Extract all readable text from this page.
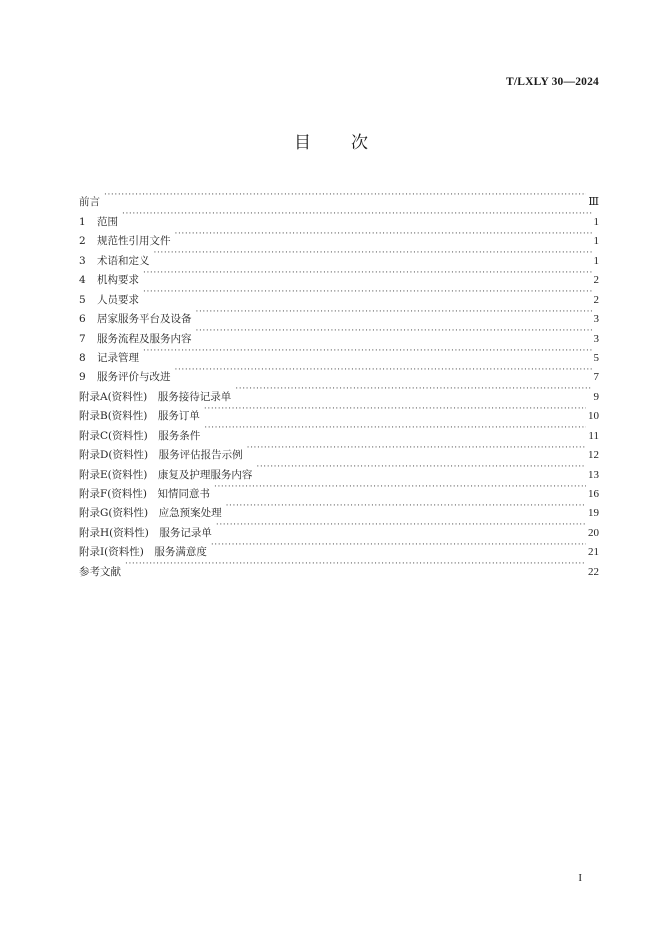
T/LXLY 30—2024
目 次
前言 ·····	Ⅲ
1 范围 ·····	1
2 规范性引用文件 ·····	1
3 术语和定义 ·····	1
4 机构要求 ·····	2
5 人员要求 ·····	2
6 居家服务平台及设备 ·····	3
7 服务流程及服务内容 ·····	3
8 记录管理 ·····	5
9 服务评价与改进 ·····	7
附录A(资料性)　服务接待记录单 ·····	9
附录B(资料性)　服务订单 ·····	10
附录C(资料性)　服务条件 ·····	11
附录D(资料性)　服务评估报告示例 ·····	12
附录E(资料性)　康复及护理服务内容 ·····	13
附录F(资料性)　知情同意书 ·····	16
附录G(资料性)　应急预案处理 ·····	19
附录H(资料性)　服务记录单 ·····	20
附录I(资料性)　服务满意度 ·····	21
参考文献 ·····	22
I
